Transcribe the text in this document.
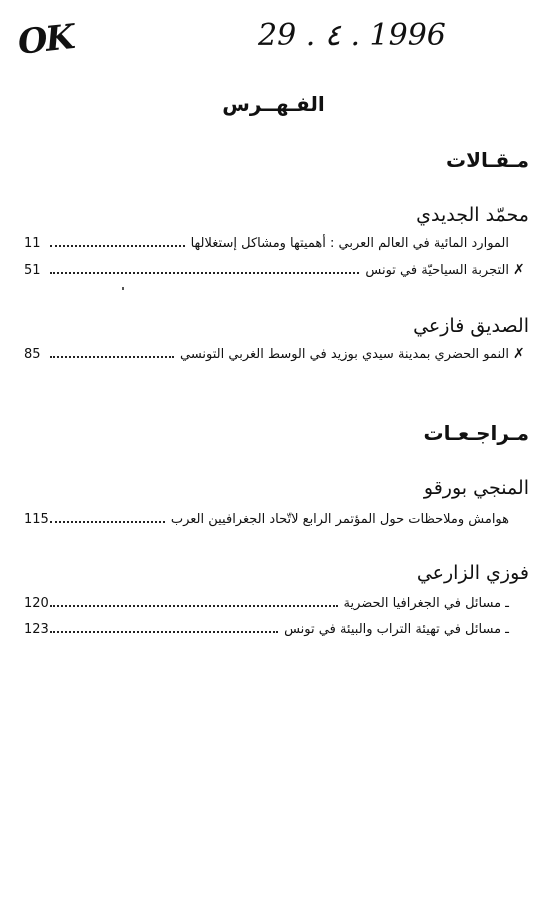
OK	29 . ٤ . 1996
الفـهــرس
مـقـالات
محمّد الجديدي
11	الموارد المائية في العالم العربي : أهميتها ومشاكل إستغلالها
51	التجربة السياحيّة في تونس ✗
الصديق فازعي
85	النمو الحضري بمدينة سيدي بوزيد في الوسط الغربي التونسي ✗
مـراجـعـات
المنجي بورقو
115	هوامش وملاحظات حول المؤتمر الرابع لاتّحاد الجغرافيين العرب
فوزي الزارعي
120	ـ مسائل في الجغرافيا الحضرية
123	ـ مسائل في تهيئة التراب والبيئة في تونس
